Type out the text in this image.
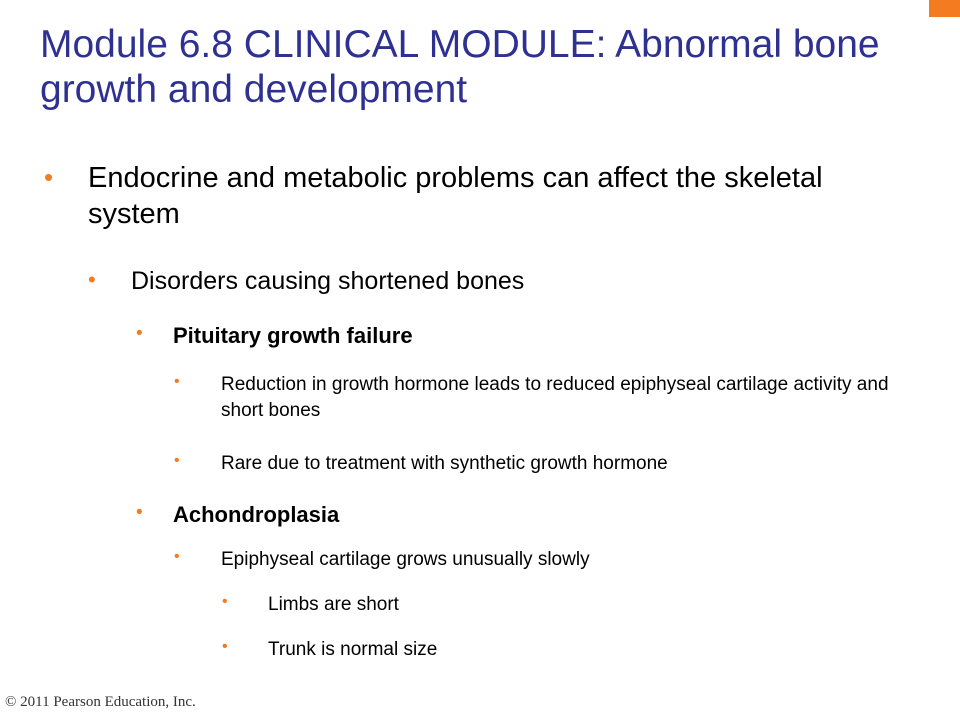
Module 6.8 CLINICAL MODULE: Abnormal bone growth and development
• Endocrine and metabolic problems can affect the skeletal system
• Disorders causing shortened bones
• Pituitary growth failure
• Reduction in growth hormone leads to reduced epiphyseal cartilage activity and short bones
• Rare due to treatment with synthetic growth hormone
• Achondroplasia
• Epiphyseal cartilage grows unusually slowly
• Limbs are short
• Trunk is normal size
© 2011 Pearson Education, Inc.
